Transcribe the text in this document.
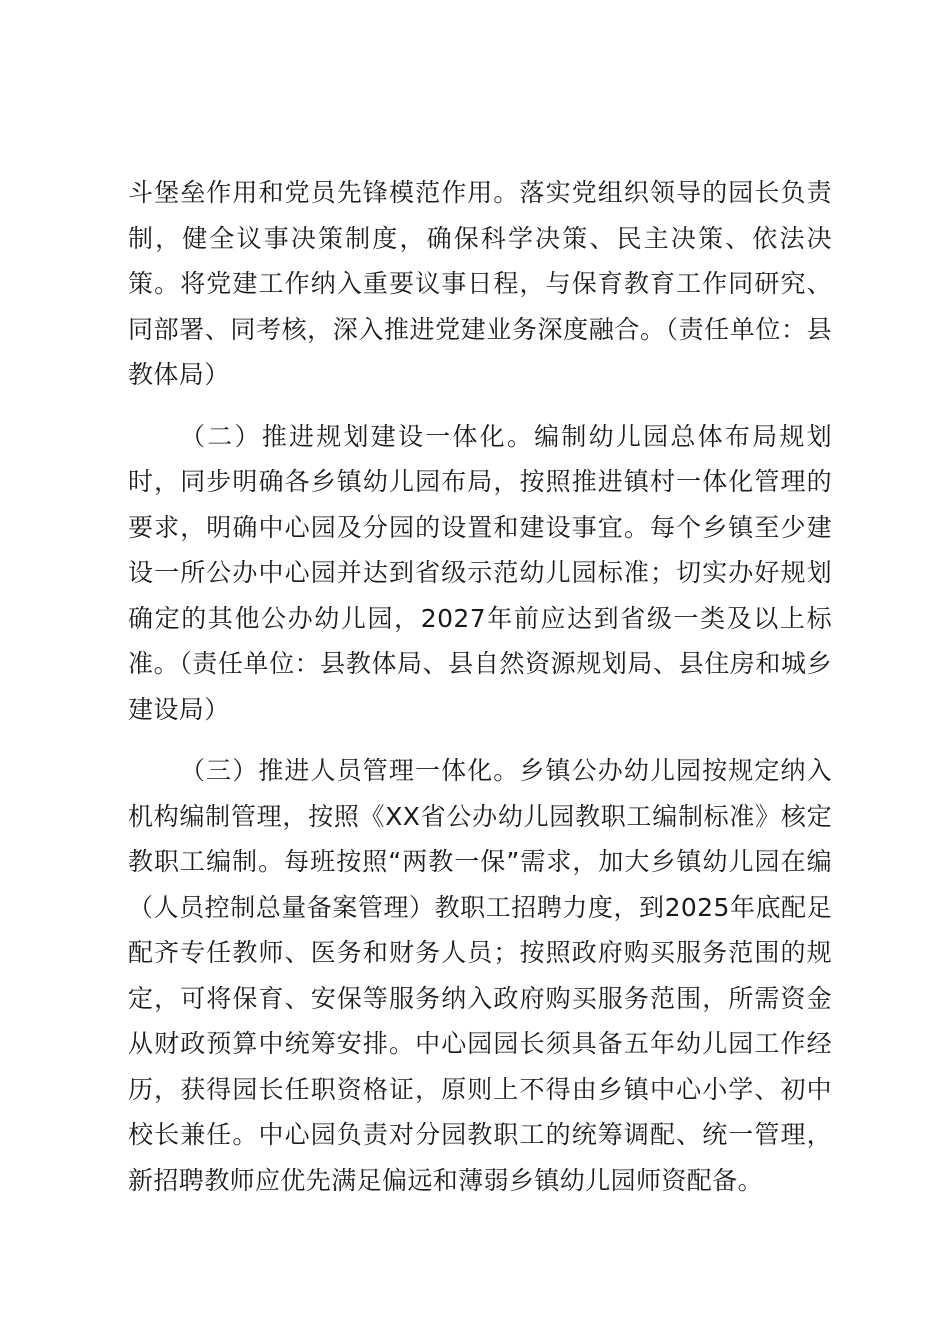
斗堡垒作用和党员先锋模范作用。落实党组织领导的园长负责制，健全议事决策制度，确保科学决策、民主决策、依法决策。将党建工作纳入重要议事日程，与保育教育工作同研究、同部署、同考核，深入推进党建业务深度融合。（责任单位：县教体局）

（二）推进规划建设一体化。编制幼儿园总体布局规划时，同步明确各乡镇幼儿园布局，按照推进镇村一体化管理的要求，明确中心园及分园的设置和建设事宜。每个乡镇至少建设一所公办中心园并达到省级示范幼儿园标准；切实办好规划确定的其他公办幼儿园，2027年前应达到省级一类及以上标准。（责任单位：县教体局、县自然资源规划局、县住房和城乡建设局）

（三）推进人员管理一体化。乡镇公办幼儿园按规定纳入机构编制管理，按照《XX省公办幼儿园教职工编制标准》核定教职工编制。每班按照“两教一保”需求，加大乡镇幼儿园在编（人员控制总量备案管理）教职工招聘力度，到2025年底配足配齐专任教师、医务和财务人员；按照政府购买服务范围的规定，可将保育、安保等服务纳入政府购买服务范围，所需资金从财政预算中统筹安排。中心园园长须具备五年幼儿园工作经历，获得园长任职资格证，原则上不得由乡镇中心小学、初中校长兼任。中心园负责对分园教职工的统筹调配、统一管理，新招聘教师应优先满足偏远和薄弱乡镇幼儿园师资配备。
